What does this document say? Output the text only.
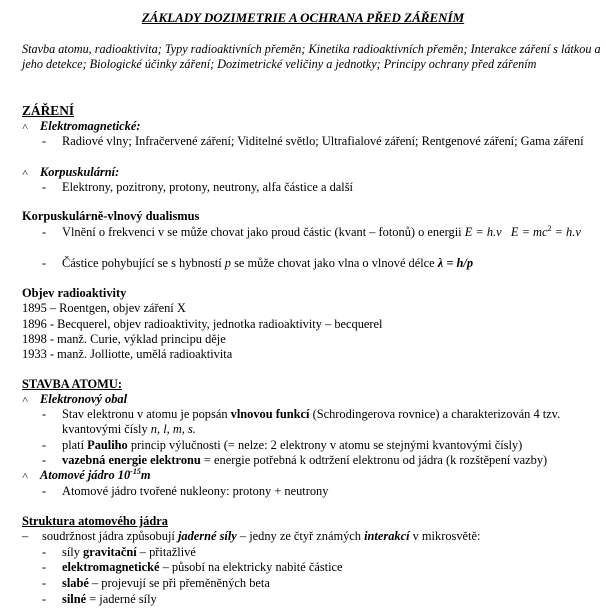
ZÁKLADY DOZIMETRIE A OCHRANA PŘED ZÁŘENÍM
Stavba atomu, radioaktivita; Typy radioaktivních přeměn; Kinetika radioaktivních přeměn; Interakce záření s látkou a jeho detekce; Biologické účinky záření; Dozimetrické veličiny a jednotky; Principy ochrany před zářením
ZÁŘENÍ
˄ Elektromagnetické:
- Radiové vlny; Infračervené záření; Viditelné světlo; Ultrafialové záření; Rentgenové záření; Gama záření
˄ Korpuskulární:
- Elektrony, pozitrony, protony, neutrony, alfa částice a další
Korpuskulárně-vlnový dualismus
- Vlnění o frekvenci v se může chovat jako proud částic (kvant – fotonů) o energii E = h.v $E = mc^2 = h.v$
- Částice pohybující se s hybností p se může chovat jako vlna o vlnové délce λ = h/p
Objev radioaktivity
1895 – Roentgen, objev záření X
1896 - Becquerel, objev radioaktivity, jednotka radioaktivity – becquerel
1898 - manž. Curie, výklad principu děje
1933 - manž. Jolliotte, umělá radioaktivita
STAVBA ATOMU:
˄ Elektronový obal
- Stav elektronu v atomu je popsán vlnovou funkcí (Schrodingerova rovnice) a charakterizován 4 tzv. kvantovými čísly n, l, m, s.
- platí Pauliho princip výlučnosti (= nelze: 2 elektrony v atomu se stejnými kvantovými čísly)
- vazebná energie elektronu = energie potřebná k odtržení elektronu od jádra (k rozštěpení vazby)
˄ Atomové jádro $10^{-15}m$
- Atomové jádro tvořené nukleony: protony + neutrony
Struktura atomového jádra
– soudržnost jádra způsobují jaderné síly – jedny ze čtyř známých interakcí v mikrosvětě:
- síly gravitační – přitažlivé
- elektromagnetické – působí na elektricky nabité částice
- slabé – projevují se při přeměněných beta
- silné = jaderné síly
